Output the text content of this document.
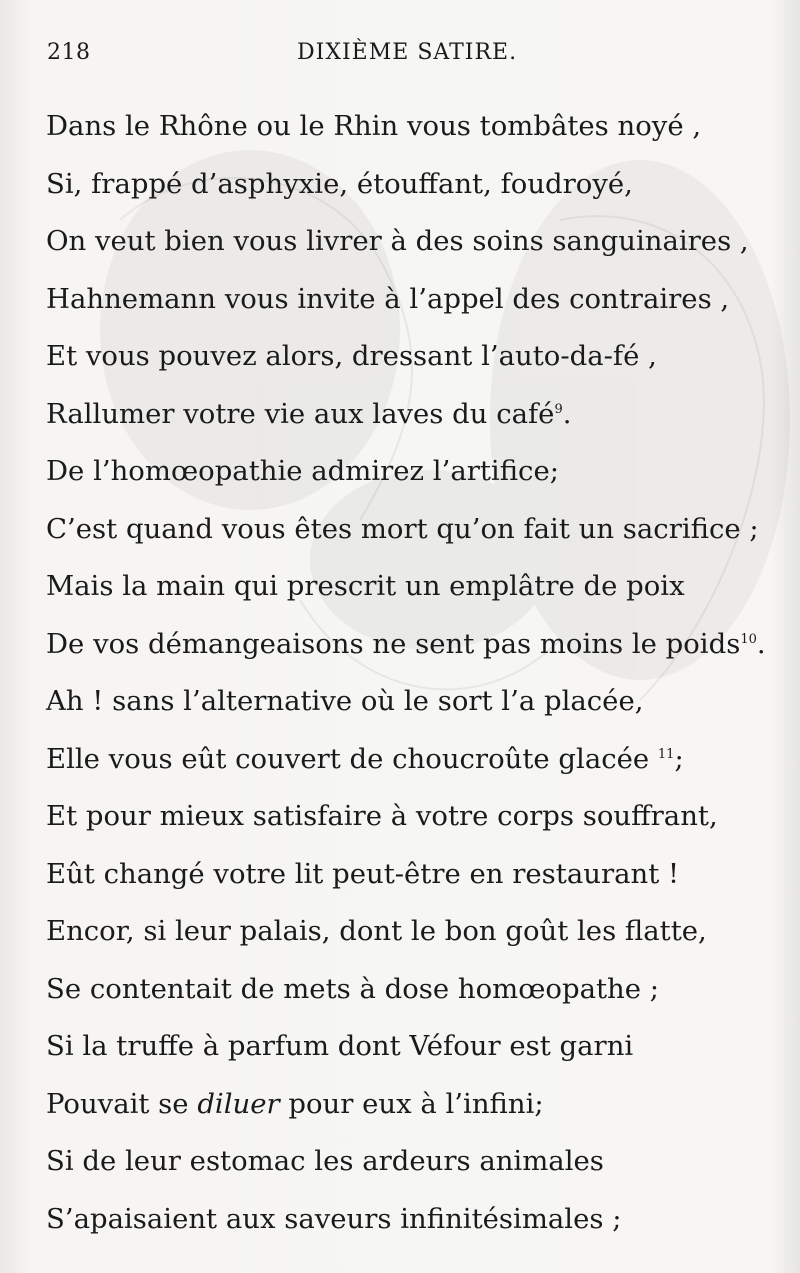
218	DIXIÈME SATIRE.
Dans le Rhône ou le Rhin vous tombâtes noyé ,
Si, frappé d’asphyxie, étouffant, foudroyé,
On veut bien vous livrer à des soins sanguinaires ,
Hahnemann vous invite à l’appel des contraires ,
Et vous pouvez alors, dressant l’auto-da-fé ,
Rallumer votre vie aux laves du café$^9$.
De l’homœopathie admirez l’artifice;
C’est quand vous êtes mort qu’on fait un sacrifice ;
Mais la main qui prescrit un emplâtre de poix
De vos démangeaisons ne sent pas moins le poids$^{10}$.
Ah ! sans l’alternative où le sort l’a placée,
Elle vous eût couvert de choucroûte glacée $^{11}$;
Et pour mieux satisfaire à votre corps souffrant,
Eût changé votre lit peut-être en restaurant !
Encor, si leur palais, dont le bon goût les flatte,
Se contentait de mets à dose homœopathe ;
Si la truffe à parfum dont Véfour est garni
Pouvait se diluer pour eux à l’infini;
Si de leur estomac les ardeurs animales
S’apaisaient aux saveurs infinitésimales ;
